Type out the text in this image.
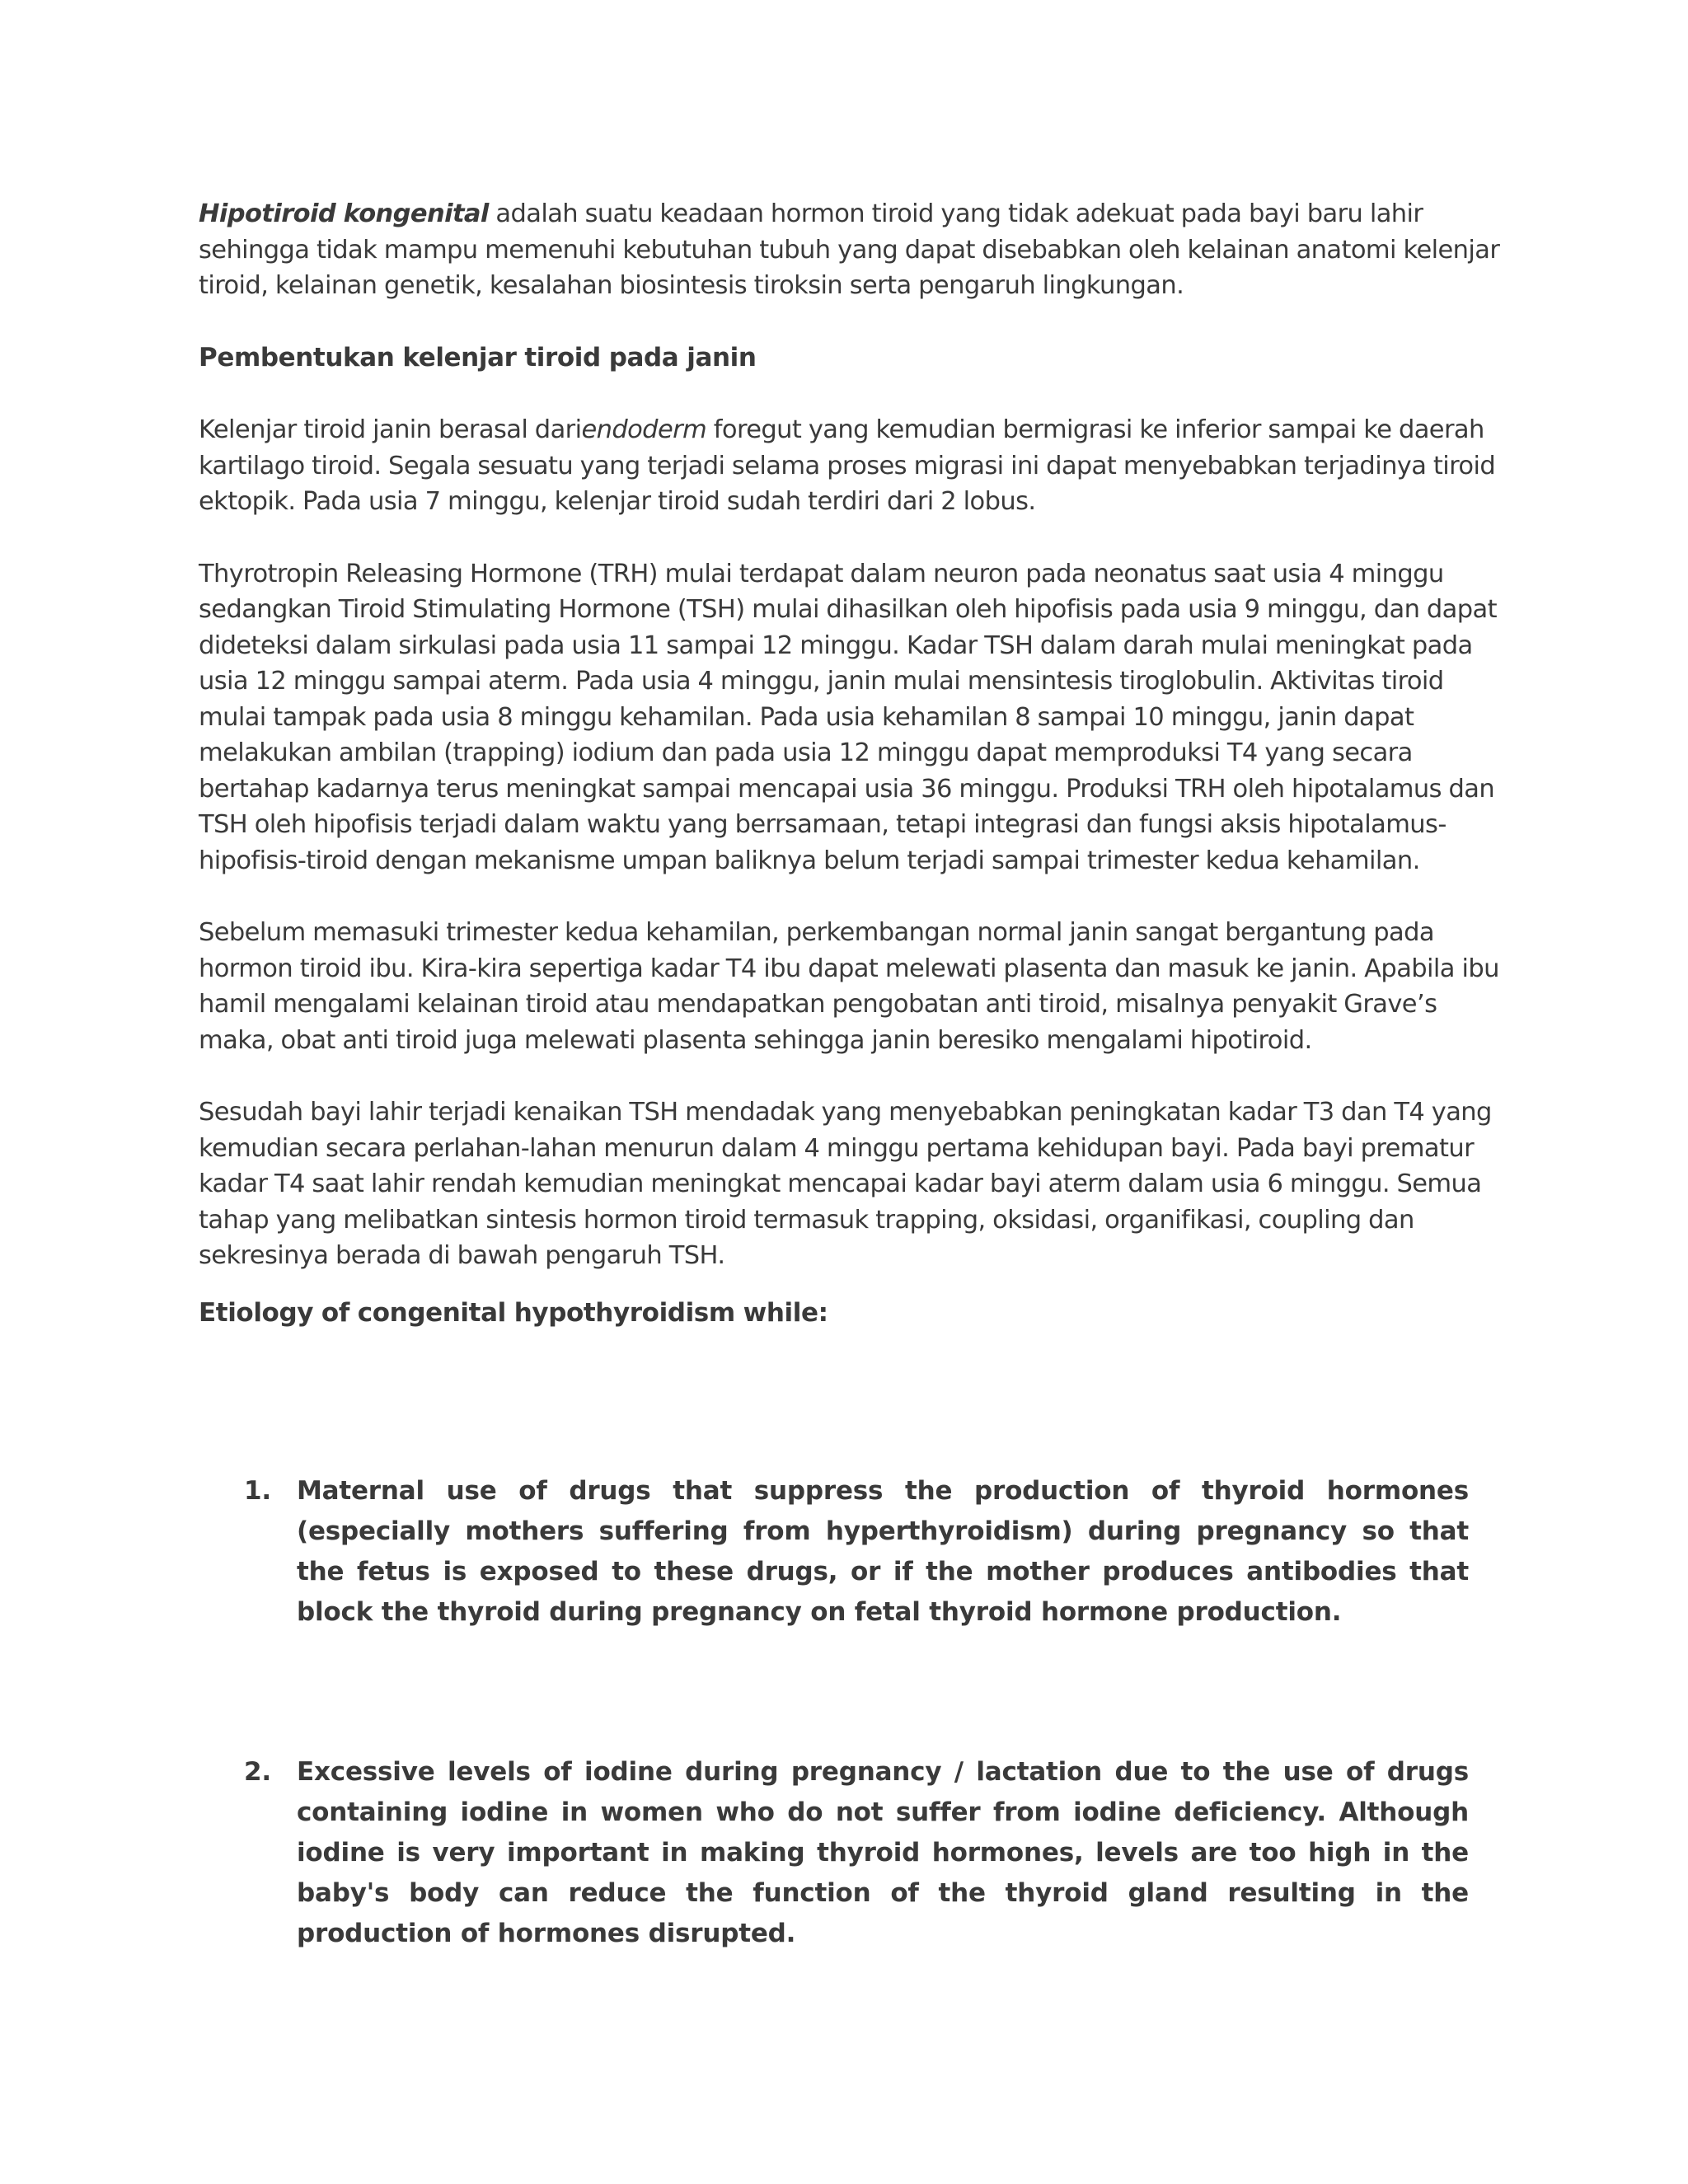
Hipotiroid kongenital adalah suatu keadaan hormon tiroid yang tidak adekuat pada bayi baru lahir sehingga tidak mampu memenuhi kebutuhan tubuh yang dapat disebabkan oleh kelainan anatomi kelenjar tiroid, kelainan genetik, kesalahan biosintesis tiroksin serta pengaruh lingkungan.

Pembentukan kelenjar tiroid pada janin

Kelenjar tiroid janin berasal dariendoderm foregut yang kemudian bermigrasi ke inferior sampai ke daerah kartilago tiroid. Segala sesuatu yang terjadi selama proses migrasi ini dapat menyebabkan terjadinya tiroid ektopik. Pada usia 7 minggu, kelenjar tiroid sudah terdiri dari 2 lobus.

Thyrotropin Releasing Hormone (TRH) mulai terdapat dalam neuron pada neonatus saat usia 4 minggu sedangkan Tiroid Stimulating Hormone (TSH) mulai dihasilkan oleh hipofisis pada usia 9 minggu, dan dapat dideteksi dalam sirkulasi pada usia 11 sampai 12 minggu. Kadar TSH dalam darah mulai meningkat pada usia 12 minggu sampai aterm. Pada usia 4 minggu, janin mulai mensintesis tiroglobulin. Aktivitas tiroid mulai tampak pada usia 8 minggu kehamilan. Pada usia kehamilan 8 sampai 10 minggu, janin dapat melakukan ambilan (trapping) iodium dan pada usia 12 minggu dapat memproduksi T4 yang secara bertahap kadarnya terus meningkat sampai mencapai usia 36 minggu. Produksi TRH oleh hipotalamus dan TSH oleh hipofisis terjadi dalam waktu yang berrsamaan, tetapi integrasi dan fungsi aksis hipotalamus-hipofisis-tiroid dengan mekanisme umpan baliknya belum terjadi sampai trimester kedua kehamilan.

Sebelum memasuki trimester kedua kehamilan, perkembangan normal janin sangat bergantung pada hormon tiroid ibu. Kira-kira sepertiga kadar T4 ibu dapat melewati plasenta dan masuk ke janin. Apabila ibu hamil mengalami kelainan tiroid atau mendapatkan pengobatan anti tiroid, misalnya penyakit Grave’s maka, obat anti tiroid juga melewati plasenta sehingga janin beresiko mengalami hipotiroid.

Sesudah bayi lahir terjadi kenaikan TSH mendadak yang menyebabkan peningkatan kadar T3 dan T4 yang kemudian secara perlahan-lahan menurun dalam 4 minggu pertama kehidupan bayi. Pada bayi prematur kadar T4 saat lahir rendah kemudian meningkat mencapai kadar bayi aterm dalam usia 6 minggu. Semua tahap yang melibatkan sintesis hormon tiroid termasuk trapping, oksidasi, organifikasi, coupling dan sekresinya berada di bawah pengaruh TSH.

Etiology of congenital hypothyroidism while:

1. Maternal use of drugs that suppress the production of thyroid hormones (especially mothers suffering from hyperthyroidism) during pregnancy so that the fetus is exposed to these drugs, or if the mother produces antibodies that block the thyroid during pregnancy on fetal thyroid hormone production.
2. Excessive levels of iodine during pregnancy / lactation due to the use of drugs containing iodine in women who do not suffer from iodine deficiency. Although iodine is very important in making thyroid hormones, levels are too high in the baby's body can reduce the function of the thyroid gland resulting in the production of hormones disrupted.
